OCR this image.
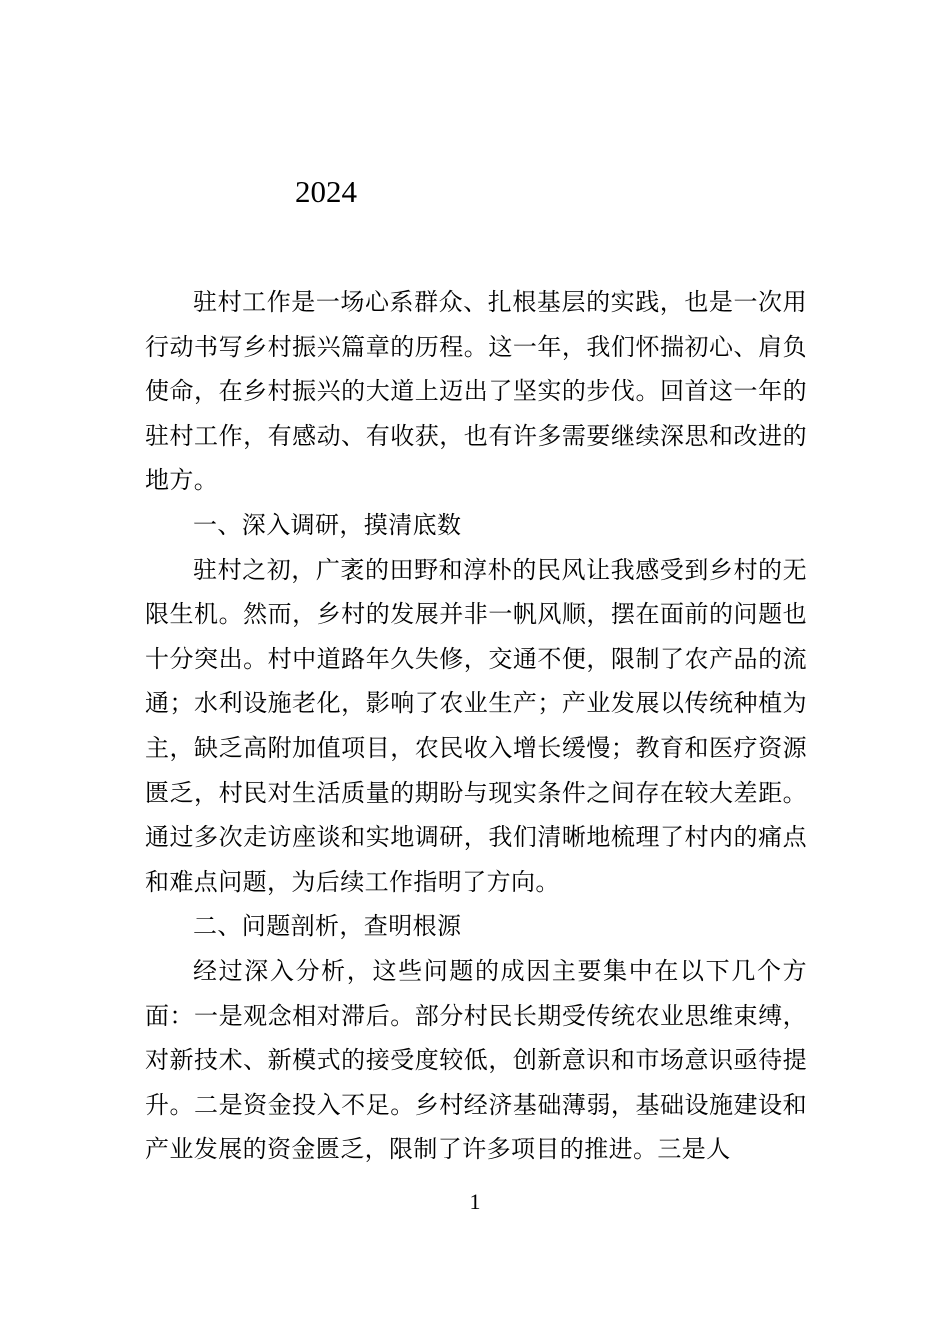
2024

驻村工作是一场心系群众、扎根基层的实践，也是一次用行动书写乡村振兴篇章的历程。这一年，我们怀揣初心、肩负使命，在乡村振兴的大道上迈出了坚实的步伐。回首这一年的驻村工作，有感动、有收获，也有许多需要继续深思和改进的地方。

一、深入调研，摸清底数

驻村之初，广袤的田野和淳朴的民风让我感受到乡村的无限生机。然而，乡村的发展并非一帆风顺，摆在面前的问题也十分突出。村中道路年久失修，交通不便，限制了农产品的流通；水利设施老化，影响了农业生产；产业发展以传统种植为主，缺乏高附加值项目，农民收入增长缓慢；教育和医疗资源匮乏，村民对生活质量的期盼与现实条件之间存在较大差距。通过多次走访座谈和实地调研，我们清晰地梳理了村内的痛点和难点问题，为后续工作指明了方向。

二、问题剖析，查明根源

经过深入分析，这些问题的成因主要集中在以下几个方面：一是观念相对滞后。部分村民长期受传统农业思维束缚，对新技术、新模式的接受度较低，创新意识和市场意识亟待提升。二是资金投入不足。乡村经济基础薄弱，基础设施建设和产业发展的资金匮乏，限制了许多项目的推进。三是人

1
